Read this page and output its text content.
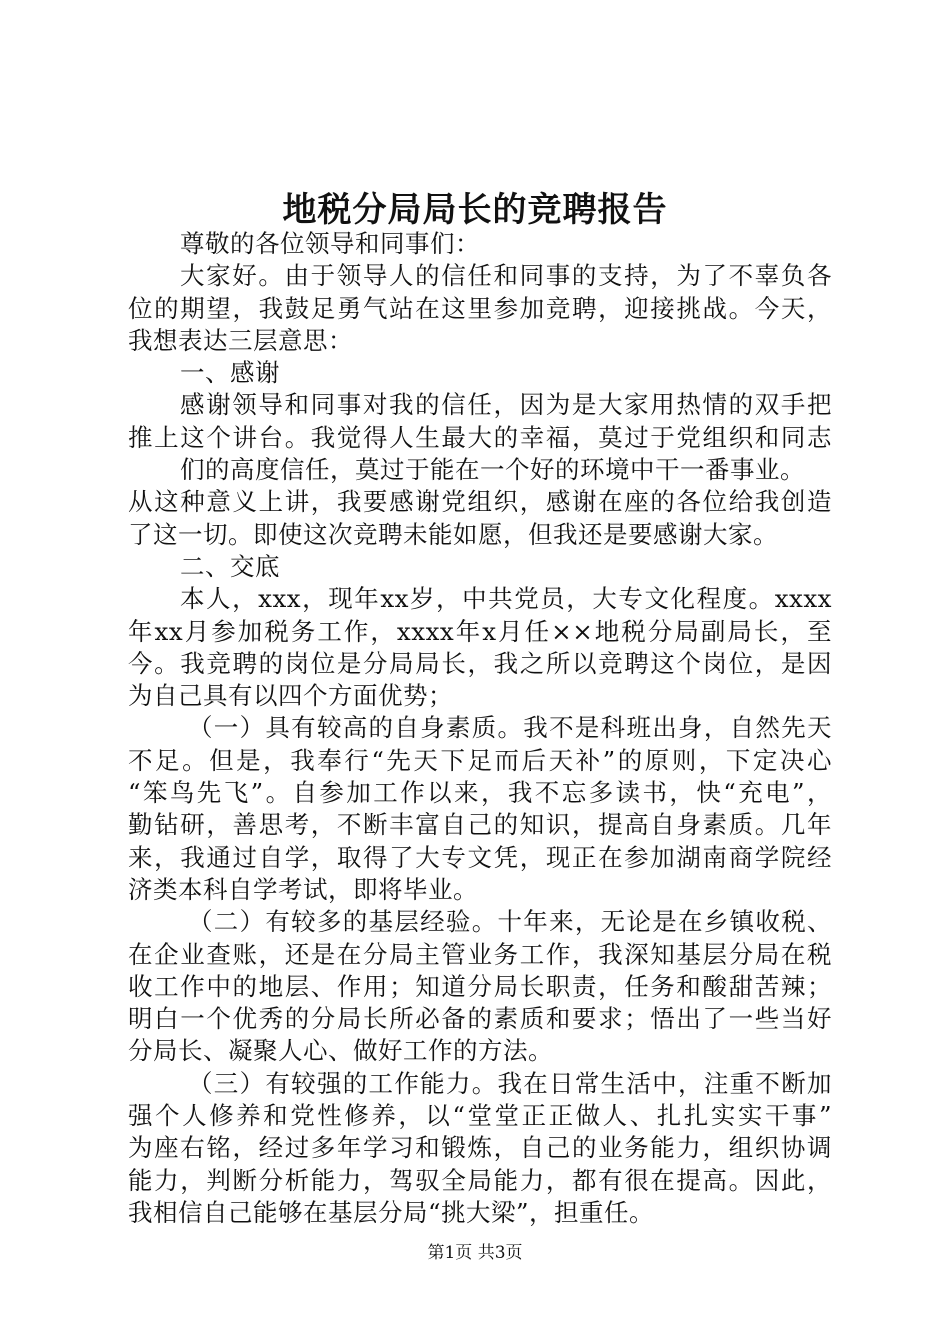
地税分局局长的竞聘报告
尊敬的各位领导和同事们：
大家好。由于领导人的信任和同事的支持，为了不辜负各
位的期望，我鼓足勇气站在这里参加竞聘，迎接挑战。今天，
我想表达三层意思：
一、感谢
感谢领导和同事对我的信任，因为是大家用热情的双手把
推上这个讲台。我觉得人生最大的幸福，莫过于党组织和同志
们的高度信任，莫过于能在一个好的环境中干一番事业。
从这种意义上讲，我要感谢党组织，感谢在座的各位给我创造
了这一切。即使这次竞聘未能如愿，但我还是要感谢大家。
二、交底
本人，xxx，现年xx岁，中共党员，大专文化程度。xxxx
年xx月参加税务工作，xxxx年x月任××地税分局副局长，至
今。我竞聘的岗位是分局局长，我之所以竞聘这个岗位，是因
为自己具有以四个方面优势；
（一）具有较高的自身素质。我不是科班出身，自然先天
不足。但是，我奉行“先天下足而后天补”的原则，下定决心
“笨鸟先飞”。自参加工作以来，我不忘多读书，快“充电”，
勤钻研，善思考，不断丰富自己的知识，提高自身素质。几年
来，我通过自学，取得了大专文凭，现正在参加湖南商学院经
济类本科自学考试，即将毕业。
（二）有较多的基层经验。十年来，无论是在乡镇收税、
在企业查账，还是在分局主管业务工作，我深知基层分局在税
收工作中的地层、作用；知道分局长职责，任务和酸甜苦辣；
明白一个优秀的分局长所必备的素质和要求；悟出了一些当好
分局长、凝聚人心、做好工作的方法。
（三）有较强的工作能力。我在日常生活中，注重不断加
强个人修养和党性修养，以“堂堂正正做人、扎扎实实干事”
为座右铭，经过多年学习和锻炼，自己的业务能力，组织协调
能力，判断分析能力，驾驭全局能力，都有很在提高。因此，
我相信自己能够在基层分局“挑大梁”，担重任。
第1页 共3页
